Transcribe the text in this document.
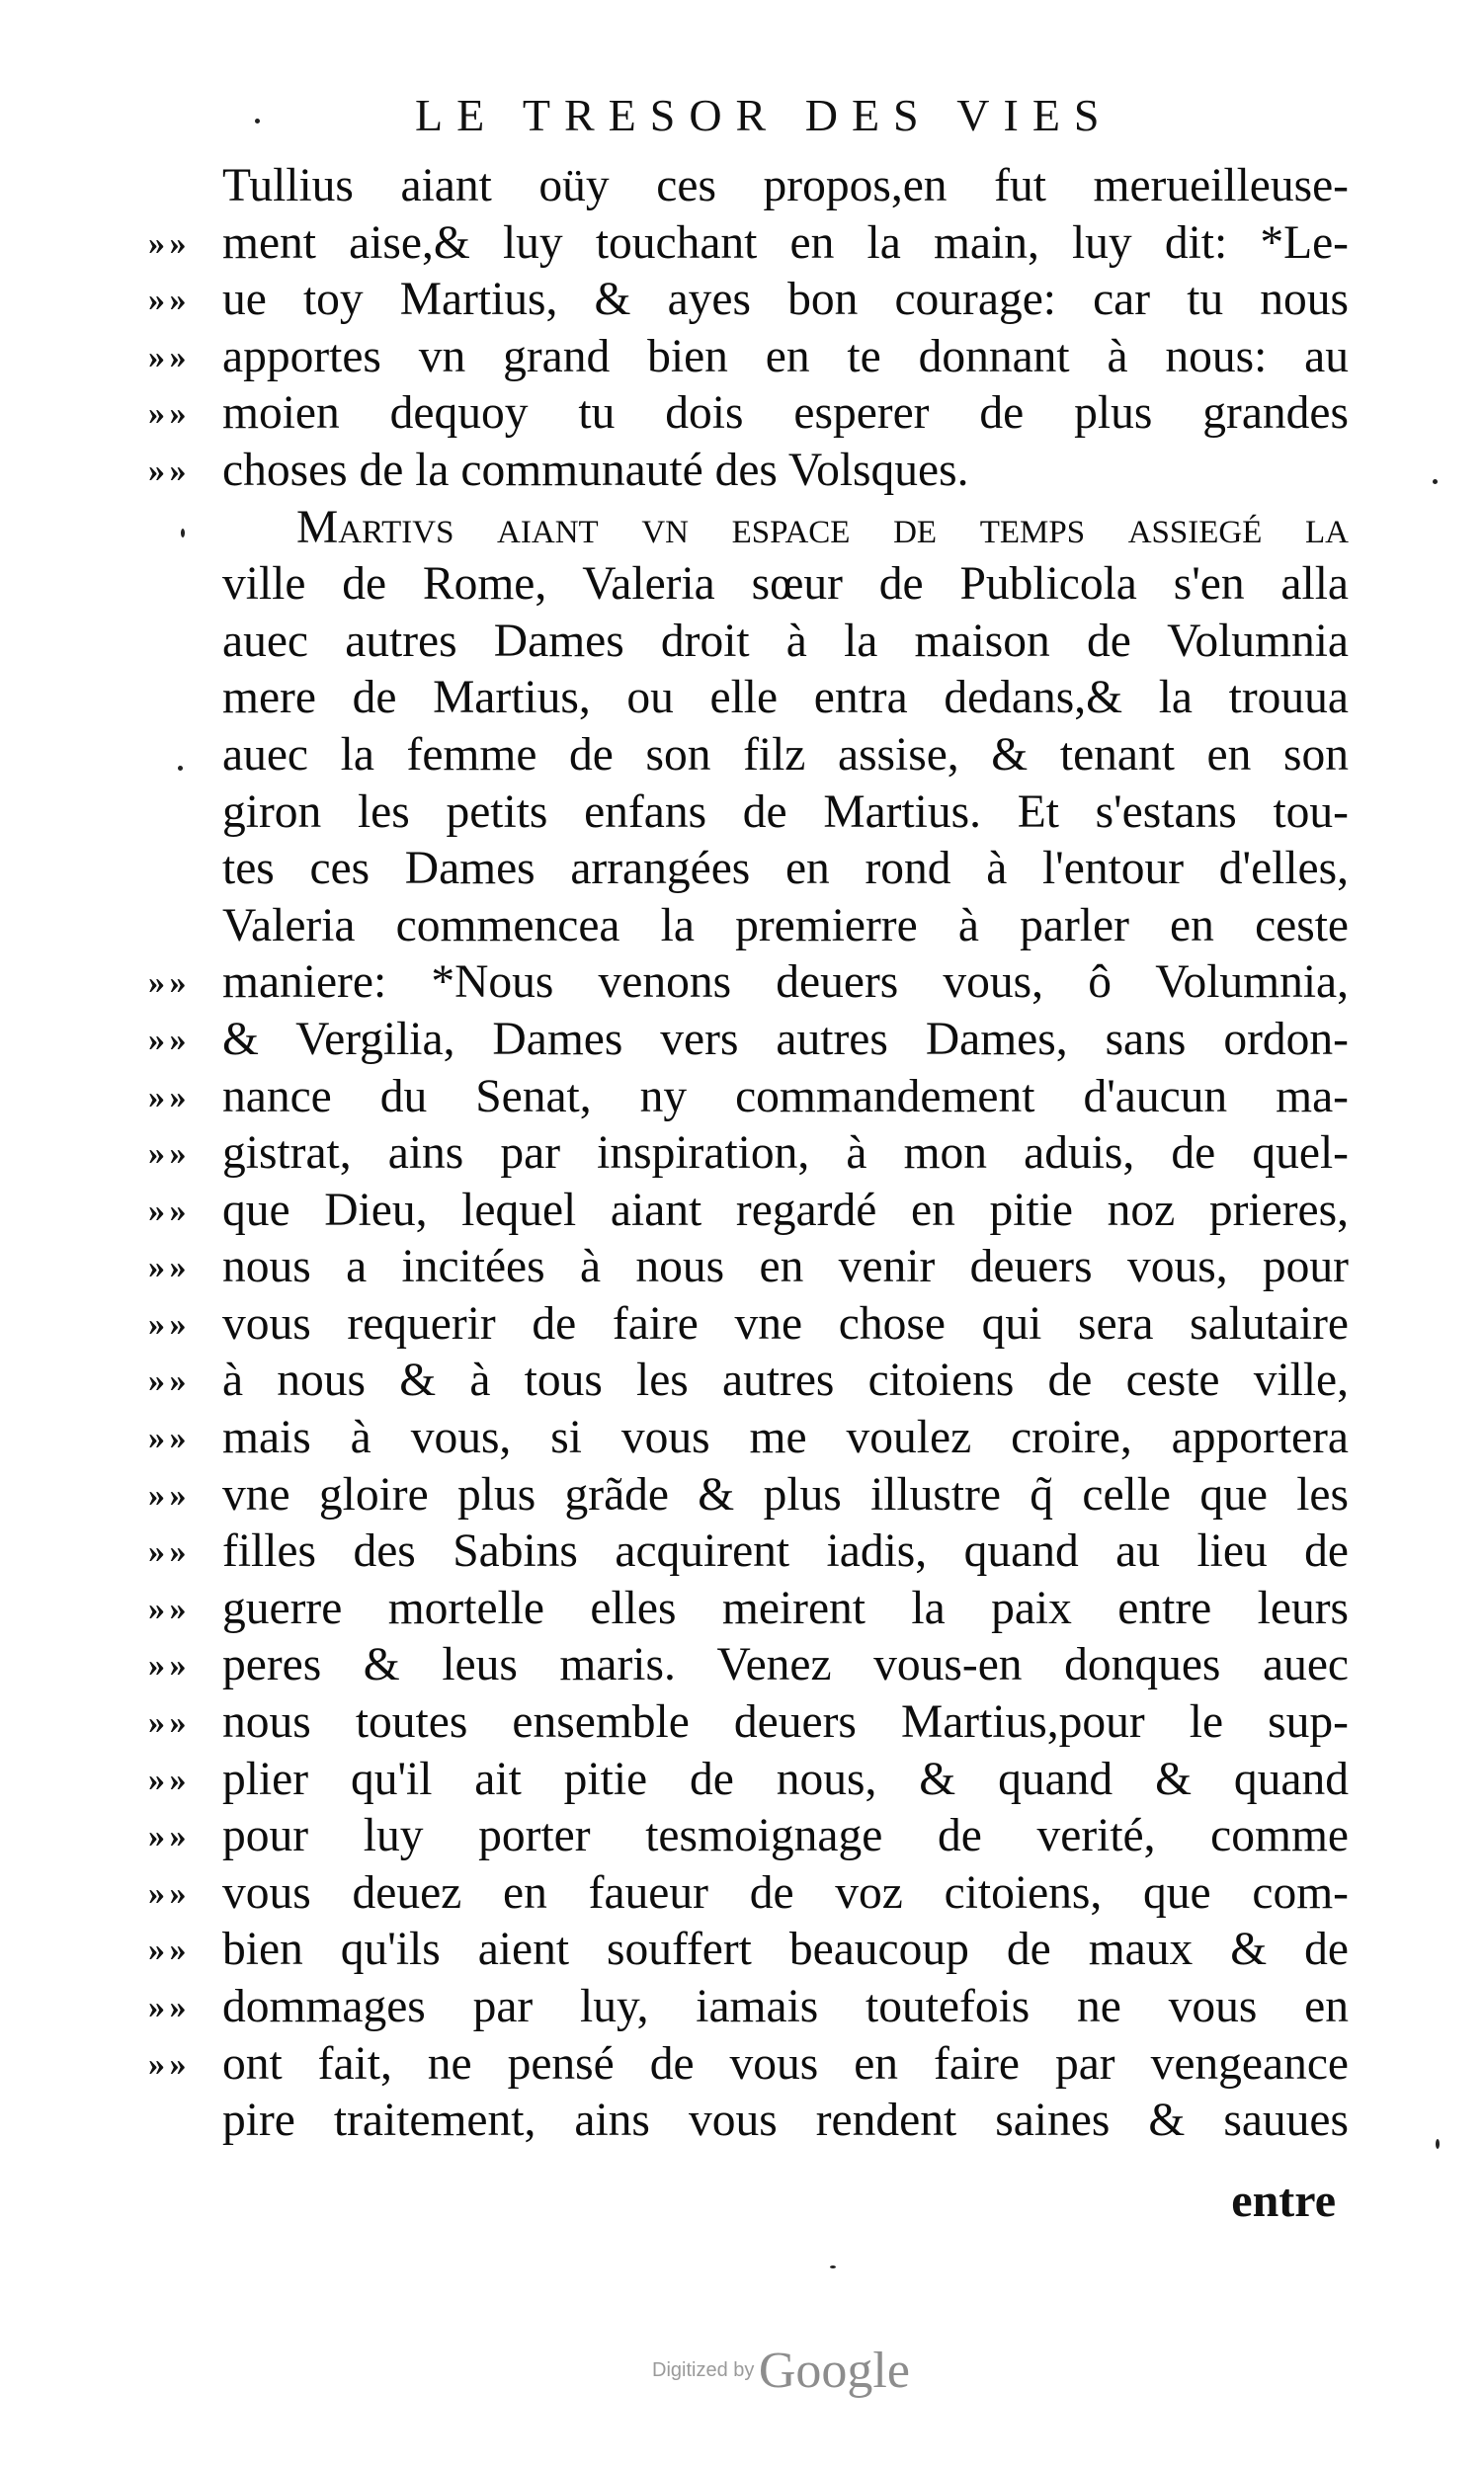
LE TRESOR DES VIES
Tullius aiant oüy ces propos,en fut merueilleuse-
» » ment aise,& luy touchant en la main, luy dit: *Le-
» » ue toy Martius, & ayes bon courage: car tu nous
» » apportes vn grand bien en te donnant à nous: au
» » moien dequoy tu dois esperer de plus grandes
» » choses de la communauté des Volsques.
Martivs aiant vn espace de temps assiegé la
ville de Rome, Valeria sœur de Publicola s'en alla
auec autres Dames droit à la maison de Volumnia
mere de Martius, ou elle entra dedans,& la trouua
auec la femme de son filz assise, & tenant en son
giron les petits enfans de Martius. Et s'estans tou-
tes ces Dames arrangées en rond à l'entour d'elles,
Valeria commencea la premierre à parler en ceste
» » maniere: *Nous venons deuers vous, ô Volumnia,
» » & Vergilia, Dames vers autres Dames, sans ordon-
» » nance du Senat, ny commandement d'aucun ma-
» » gistrat, ains par inspiration, à mon aduis, de quel-
» » que Dieu, lequel aiant regardé en pitie noz prieres,
» » nous a incitées à nous en venir deuers vous, pour
» » vous requerir de faire vne chose qui sera salutaire
» » à nous & à tous les autres citoiens de ceste ville,
» » mais à vous, si vous me voulez croire, apportera
» » vne gloire plus grãde & plus illustre q̃ celle que les
» » filles des Sabins acquirent iadis, quand au lieu de
» » guerre mortelle elles meirent la paix entre leurs
» » peres & leus maris. Venez vous-en donques auec
» » nous toutes ensemble deuers Martius,pour le sup-
» » plier qu'il ait pitie de nous, & quand & quand
» » pour luy porter tesmoignage de verité, comme
» » vous deuez en faueur de voz citoiens, que com-
» » bien qu'ils aient souffert beaucoup de maux & de
» » dommages par luy, iamais toutefois ne vous en
» » ont fait, ne pensé de vous en faire par vengeance
pire traitement, ains vous rendent saines & sauues
entre
Digitized by Google
